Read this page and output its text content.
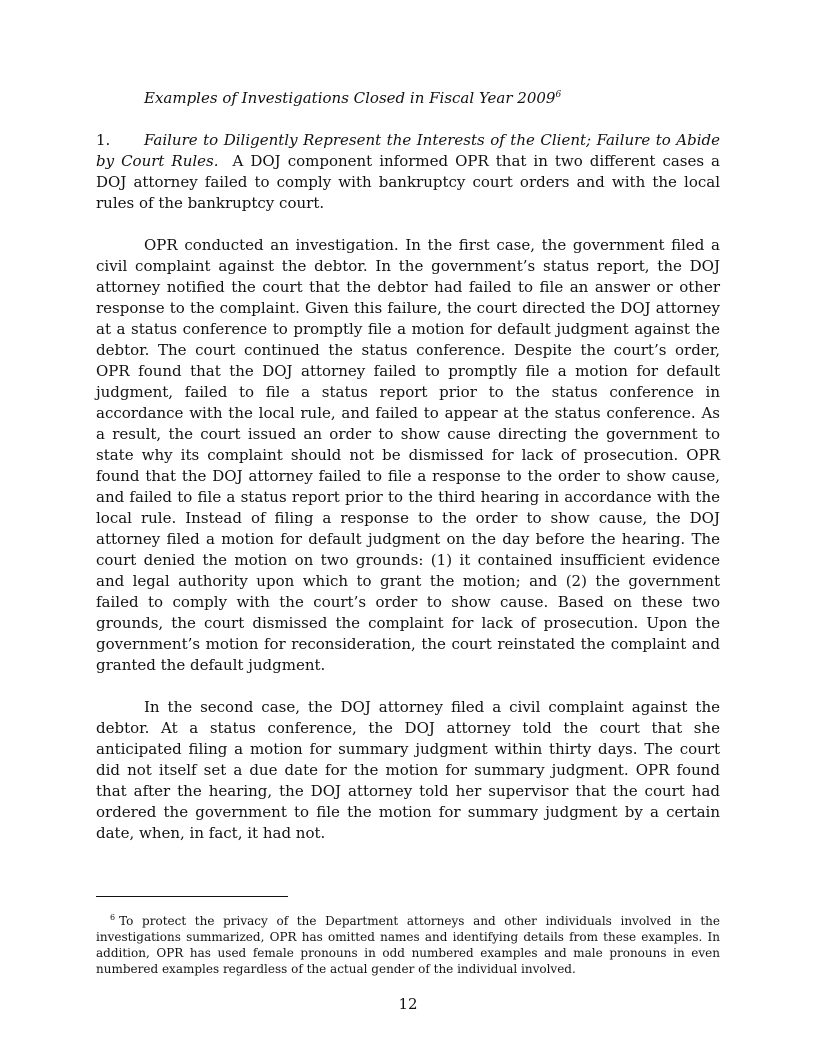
Examples of Investigations Closed in Fiscal Year 2009$^6$

1. Failure to Diligently Represent the Interests of the Client; Failure to Abide by Court Rules. A DOJ component informed OPR that in two different cases a DOJ attorney failed to comply with bankruptcy court orders and with the local rules of the bankruptcy court.

OPR conducted an investigation. In the first case, the government filed a civil complaint against the debtor. In the government’s status report, the DOJ attorney notified the court that the debtor had failed to file an answer or other response to the complaint. Given this failure, the court directed the DOJ attorney at a status conference to promptly file a motion for default judgment against the debtor. The court continued the status conference. Despite the court’s order, OPR found that the DOJ attorney failed to promptly file a motion for default judgment, failed to file a status report prior to the status conference in accordance with the local rule, and failed to appear at the status conference. As a result, the court issued an order to show cause directing the government to state why its complaint should not be dismissed for lack of prosecution. OPR found that the DOJ attorney failed to file a response to the order to show cause, and failed to file a status report prior to the third hearing in accordance with the local rule. Instead of filing a response to the order to show cause, the DOJ attorney filed a motion for default judgment on the day before the hearing. The court denied the motion on two grounds: (1) it contained insufficient evidence and legal authority upon which to grant the motion; and (2) the government failed to comply with the court’s order to show cause. Based on these two grounds, the court dismissed the complaint for lack of prosecution. Upon the government’s motion for reconsideration, the court reinstated the complaint and granted the default judgment.

In the second case, the DOJ attorney filed a civil complaint against the debtor. At a status conference, the DOJ attorney told the court that she anticipated filing a motion for summary judgment within thirty days. The court did not itself set a due date for the motion for summary judgment. OPR found that after the hearing, the DOJ attorney told her supervisor that the court had ordered the government to file the motion for summary judgment by a certain date, when, in fact, it had not.

$^6$ To protect the privacy of the Department attorneys and other individuals involved in the investigations summarized, OPR has omitted names and identifying details from these examples. In addition, OPR has used female pronouns in odd numbered examples and male pronouns in even numbered examples regardless of the actual gender of the individual involved.

12
